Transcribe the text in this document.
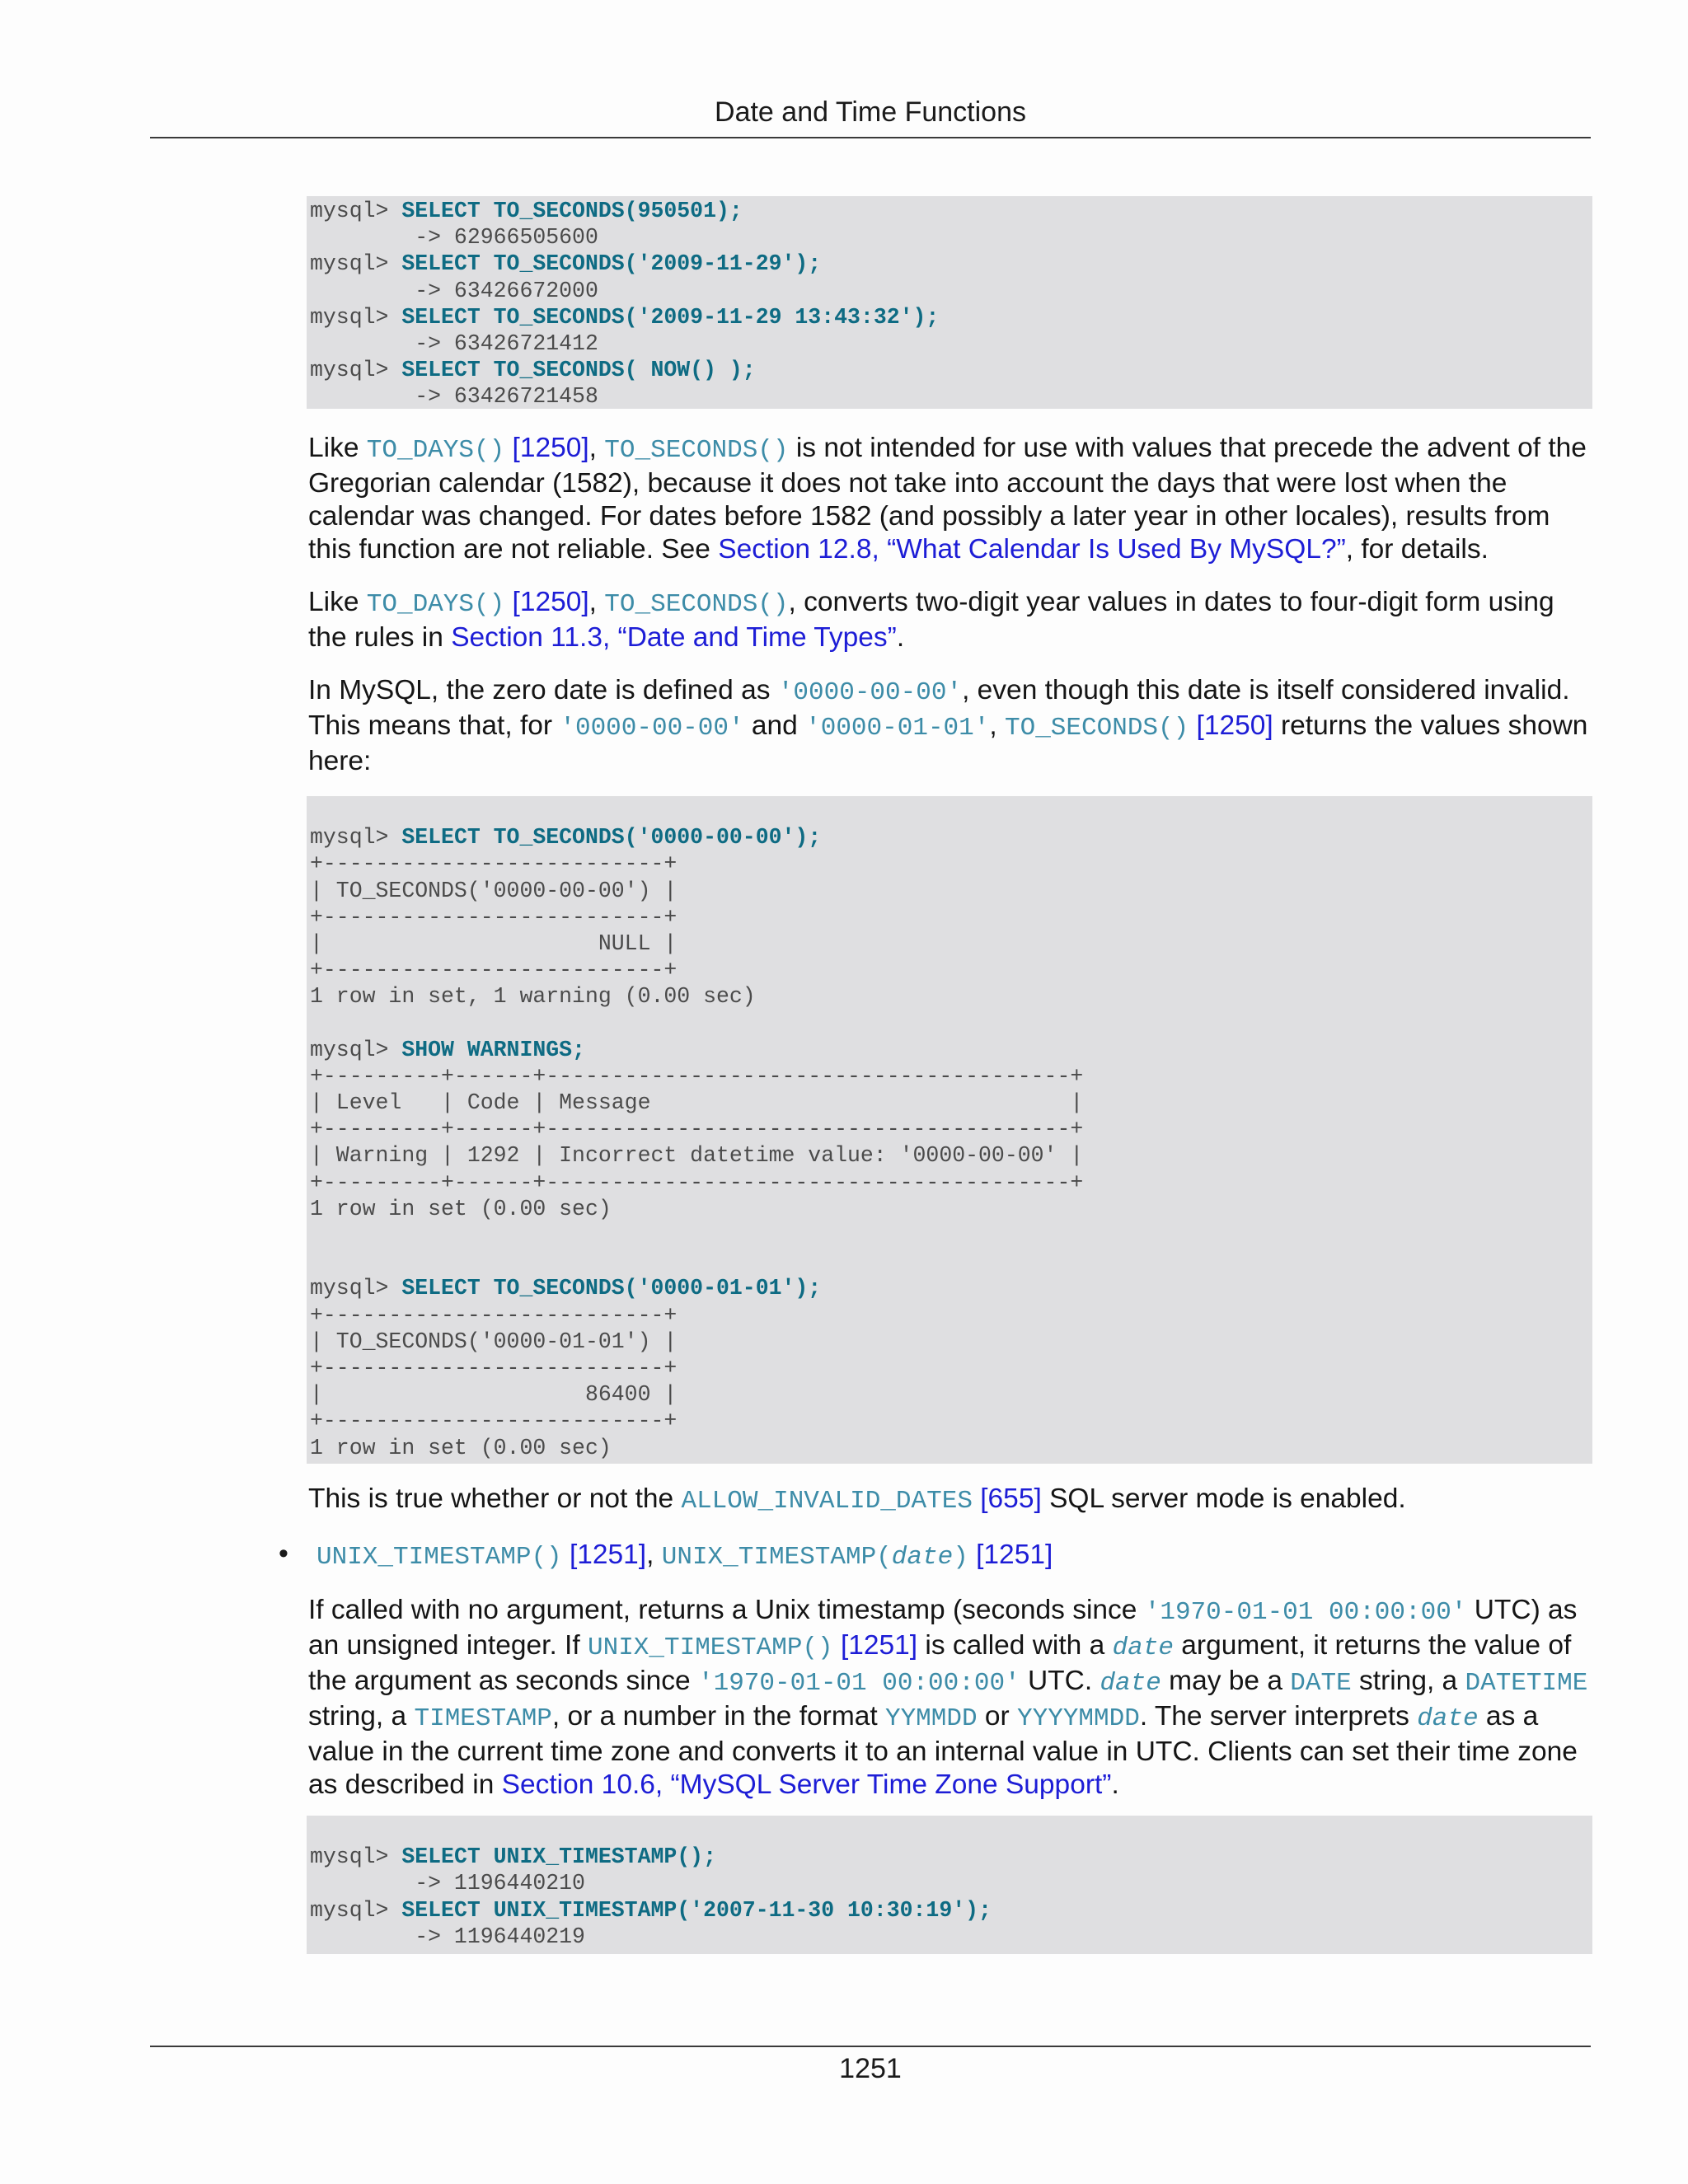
Date and Time Functions
mysql> SELECT TO_SECONDS(950501);
-> 62966505600
mysql> SELECT TO_SECONDS('2009-11-29');
-> 63426672000
mysql> SELECT TO_SECONDS('2009-11-29 13:43:32');
-> 63426721412
mysql> SELECT TO_SECONDS( NOW() );
-> 63426721458
Like TO_DAYS() [1250], TO_SECONDS() is not intended for use with values that precede the advent of the Gregorian calendar (1582), because it does not take into account the days that were lost when the calendar was changed. For dates before 1582 (and possibly a later year in other locales), results from this function are not reliable. See Section 12.8, “What Calendar Is Used By MySQL?”, for details.
Like TO_DAYS() [1250], TO_SECONDS(), converts two-digit year values in dates to four-digit form using the rules in Section 11.3, “Date and Time Types”.
In MySQL, the zero date is defined as '0000-00-00', even though this date is itself considered invalid. This means that, for '0000-00-00' and '0000-01-01', TO_SECONDS() [1250] returns the values shown here:

mysql> SELECT TO_SECONDS('0000-00-00');
+--------------------------+
| TO_SECONDS('0000-00-00') |
+--------------------------+
|                     NULL |
+--------------------------+
1 row in set, 1 warning (0.00 sec)

mysql> SHOW WARNINGS;
+---------+------+----------------------------------------+
| Level   | Code | Message                                |
+---------+------+----------------------------------------+
| Warning | 1292 | Incorrect datetime value: '0000-00-00' |
+---------+------+----------------------------------------+
1 row in set (0.00 sec)

mysql> SELECT TO_SECONDS('0000-01-01');
+--------------------------+
| TO_SECONDS('0000-01-01') |
+--------------------------+
|                    86400 |
+--------------------------+
1 row in set (0.00 sec)
This is true whether or not the ALLOW_INVALID_DATES [655] SQL server mode is enabled.
• UNIX_TIMESTAMP() [1251], UNIX_TIMESTAMP(date) [1251]
If called with no argument, returns a Unix timestamp (seconds since '1970-01-01 00:00:00' UTC) as an unsigned integer. If UNIX_TIMESTAMP() [1251] is called with a date argument, it returns the value of the argument as seconds since '1970-01-01 00:00:00' UTC. date may be a DATE string, a DATETIME string, a TIMESTAMP, or a number in the format YYMMDD or YYYYMMDD. The server interprets date as a value in the current time zone and converts it to an internal value in UTC. Clients can set their time zone as described in Section 10.6, “MySQL Server Time Zone Support”.

mysql> SELECT UNIX_TIMESTAMP();
-> 1196440210
mysql> SELECT UNIX_TIMESTAMP('2007-11-30 10:30:19');
-> 1196440219
1251
